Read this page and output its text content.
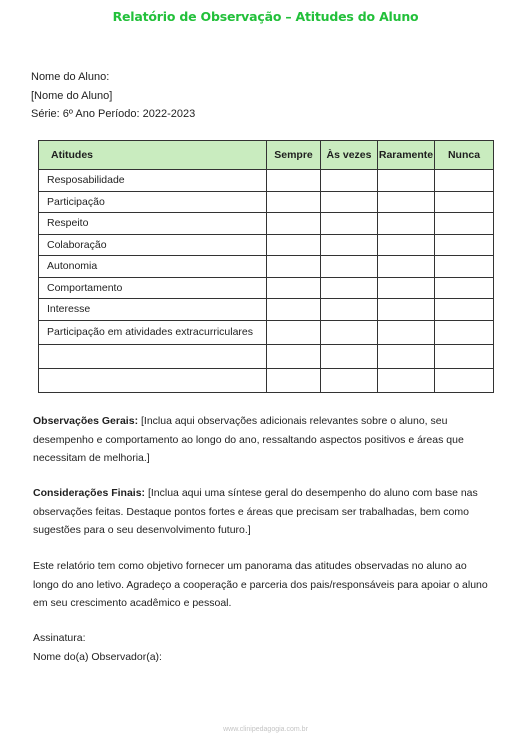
Relatório de Observação – Atitudes do Aluno
Nome do Aluno:
[Nome do Aluno]
Série: 6º Ano Período: 2022-2023
Atitudes	Sempre	Às vezes	Raramente	Nunca
Resposabilidade				
Participação				
Respeito				
Colaboração				
Autonomia				
Comportamento				
Interesse				
Participação em atividades extracurriculares				

Observações Gerais: [Inclua aqui observações adicionais relevantes sobre o aluno, seu desempenho e comportamento ao longo do ano, ressaltando aspectos positivos e áreas que necessitam de melhoria.]
Considerações Finais: [Inclua aqui uma síntese geral do desempenho do aluno com base nas observações feitas. Destaque pontos fortes e áreas que precisam ser trabalhadas, bem como sugestões para o seu desenvolvimento futuro.]
Este relatório tem como objetivo fornecer um panorama das atitudes observadas no aluno ao longo do ano letivo. Agradeço a cooperação e parceria dos pais/responsáveis para apoiar o aluno em seu crescimento acadêmico e pessoal.
Assinatura:
Nome do(a) Observador(a):
www.clinipedagogia.com.br
